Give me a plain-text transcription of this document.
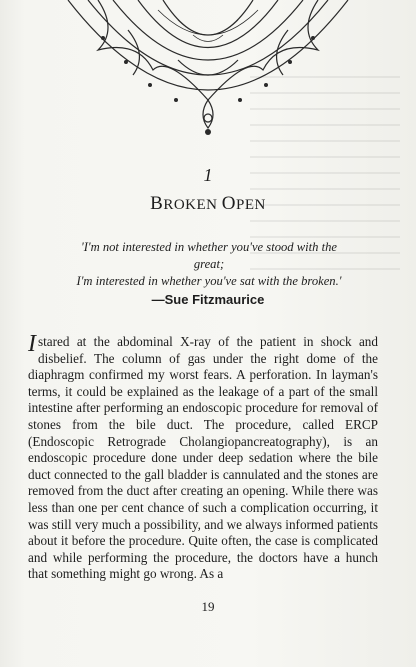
1
BROKEN OPEN
'I'm not interested in whether you've stood with the great;
I'm interested in whether you've sat with the broken.'
—Sue Fitzmaurice
Istared at the abdominal X-ray of the patient in shock and disbelief. The column of gas under the right dome of the diaphragm confirmed my worst fears. A perforation. In layman's terms, it could be explained as the leakage of a part of the small intestine after performing an endoscopic procedure for removal of stones from the bile duct. The procedure, called ERCP (Endoscopic Retrograde Cholangiopancreatography), is an endoscopic procedure done under deep sedation where the bile duct connected to the gall bladder is cannulated and the stones are removed from the duct after creating an opening. While there was less than one per cent chance of such a complication occurring, it was still very much a possibility, and we always informed patients about it before the procedure. Quite often, the case is complicated and while performing the procedure, the doctors have a hunch that something might go wrong. As a
19
